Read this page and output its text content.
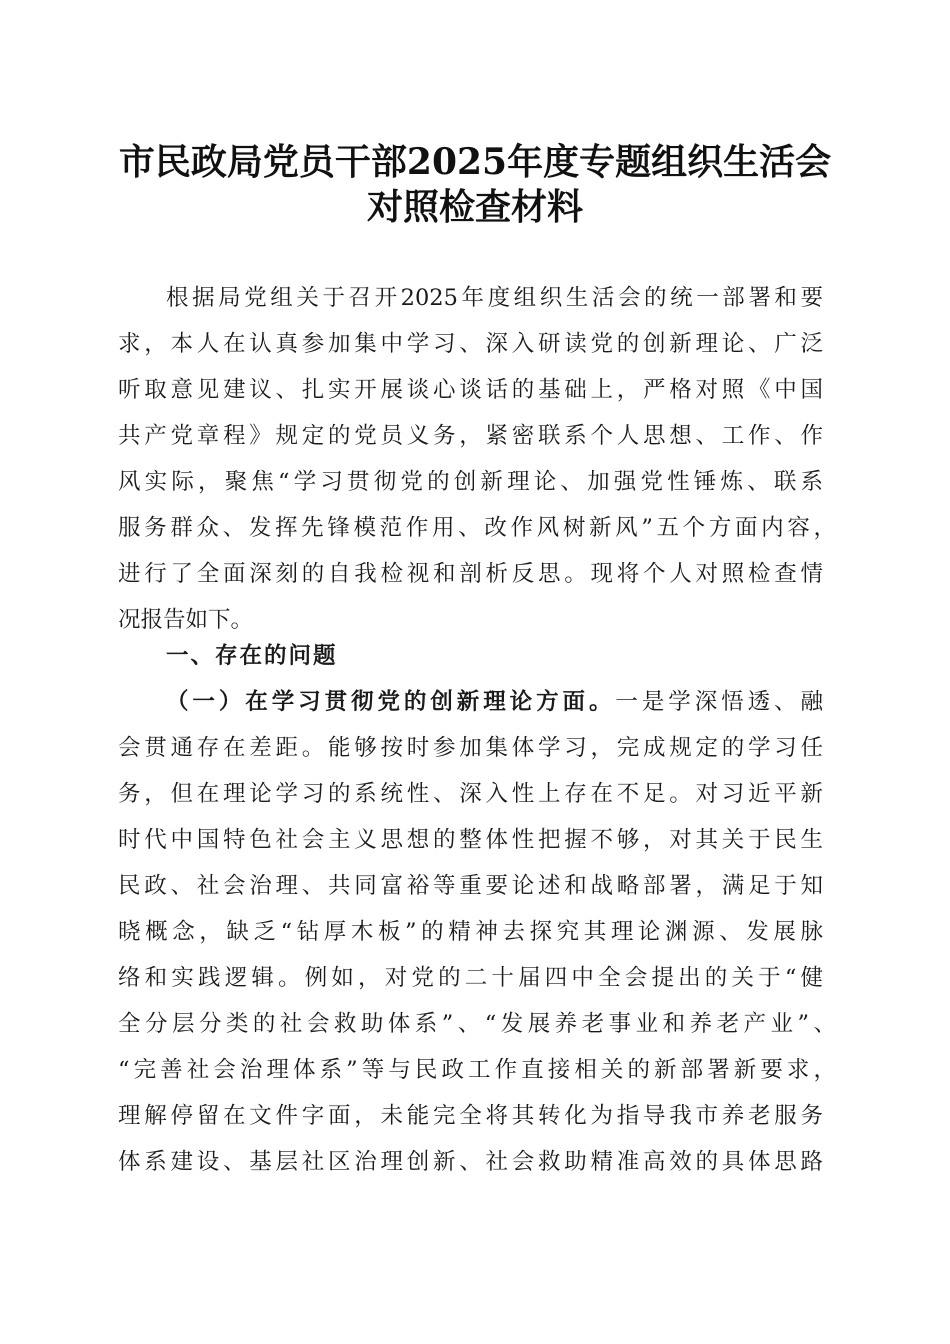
市民政局党员干部2025年度专题组织生活会
对照检查材料
根据局党组关于召开2025年度组织生活会的统一部署和要
求，本人在认真参加集中学习、深入研读党的创新理论、广泛
听取意见建议、扎实开展谈心谈话的基础上，严格对照《中国
共产党章程》规定的党员义务，紧密联系个人思想、工作、作
风实际，聚焦“学习贯彻党的创新理论、加强党性锤炼、联系
服务群众、发挥先锋模范作用、改作风树新风”五个方面内容，
进行了全面深刻的自我检视和剖析反思。现将个人对照检查情
况报告如下。
一、存在的问题
（一）在学习贯彻党的创新理论方面。一是学深悟透、融
会贯通存在差距。能够按时参加集体学习，完成规定的学习任
务，但在理论学习的系统性、深入性上存在不足。对习近平新
时代中国特色社会主义思想的整体性把握不够，对其关于民生
民政、社会治理、共同富裕等重要论述和战略部署，满足于知
晓概念，缺乏“钻厚木板”的精神去探究其理论渊源、发展脉
络和实践逻辑。例如，对党的二十届四中全会提出的关于“健
全分层分类的社会救助体系”、“发展养老事业和养老产业”、
“完善社会治理体系”等与民政工作直接相关的新部署新要求，
理解停留在文件字面，未能完全将其转化为指导我市养老服务
体系建设、基层社区治理创新、社会救助精准高效的具体思路
